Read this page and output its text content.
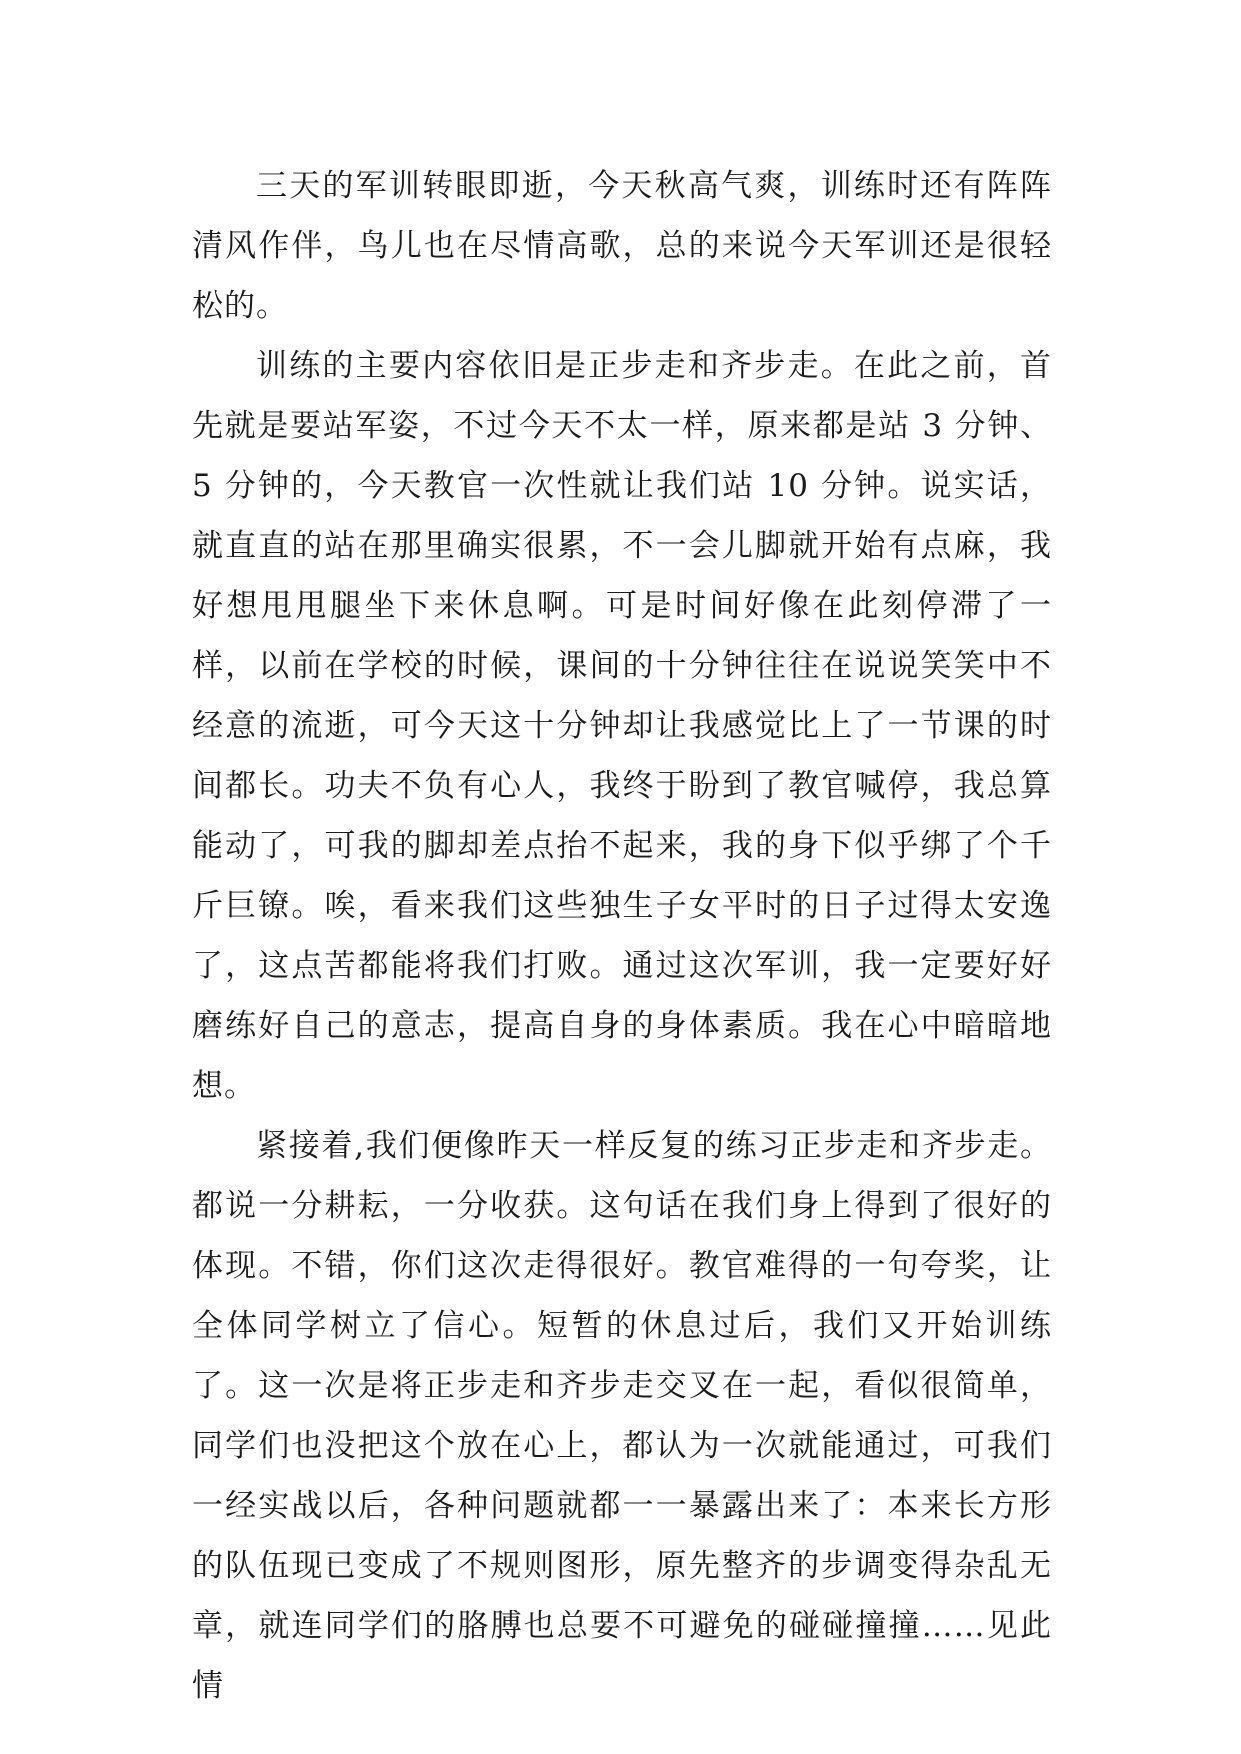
三天的军训转眼即逝，今天秋高气爽，训练时还有阵阵清风作伴，鸟儿也在尽情高歌，总的来说今天军训还是很轻松的。

训练的主要内容依旧是正步走和齐步走。在此之前，首先就是要站军姿，不过今天不太一样，原来都是站 3 分钟、5 分钟的，今天教官一次性就让我们站 10 分钟。说实话，就直直的站在那里确实很累，不一会儿脚就开始有点麻，我好想甩甩腿坐下来休息啊。可是时间好像在此刻停滞了一样，以前在学校的时候，课间的十分钟往往在说说笑笑中不经意的流逝，可今天这十分钟却让我感觉比上了一节课的时间都长。功夫不负有心人，我终于盼到了教官喊停，我总算能动了，可我的脚却差点抬不起来，我的身下似乎绑了个千斤巨镣。唉，看来我们这些独生子女平时的日子过得太安逸了，这点苦都能将我们打败。通过这次军训，我一定要好好磨练好自己的意志，提高自身的身体素质。我在心中暗暗地想。

紧接着,我们便像昨天一样反复的练习正步走和齐步走。都说一分耕耘，一分收获。这句话在我们身上得到了很好的体现。不错，你们这次走得很好。教官难得的一句夸奖，让全体同学树立了信心。短暂的休息过后，我们又开始训练了。这一次是将正步走和齐步走交叉在一起，看似很简单，同学们也没把这个放在心上，都认为一次就能通过，可我们一经实战以后，各种问题就都一一暴露出来了：本来长方形的队伍现已变成了不规则图形，原先整齐的步调变得杂乱无章，就连同学们的胳膊也总要不可避免的碰碰撞撞……见此情
